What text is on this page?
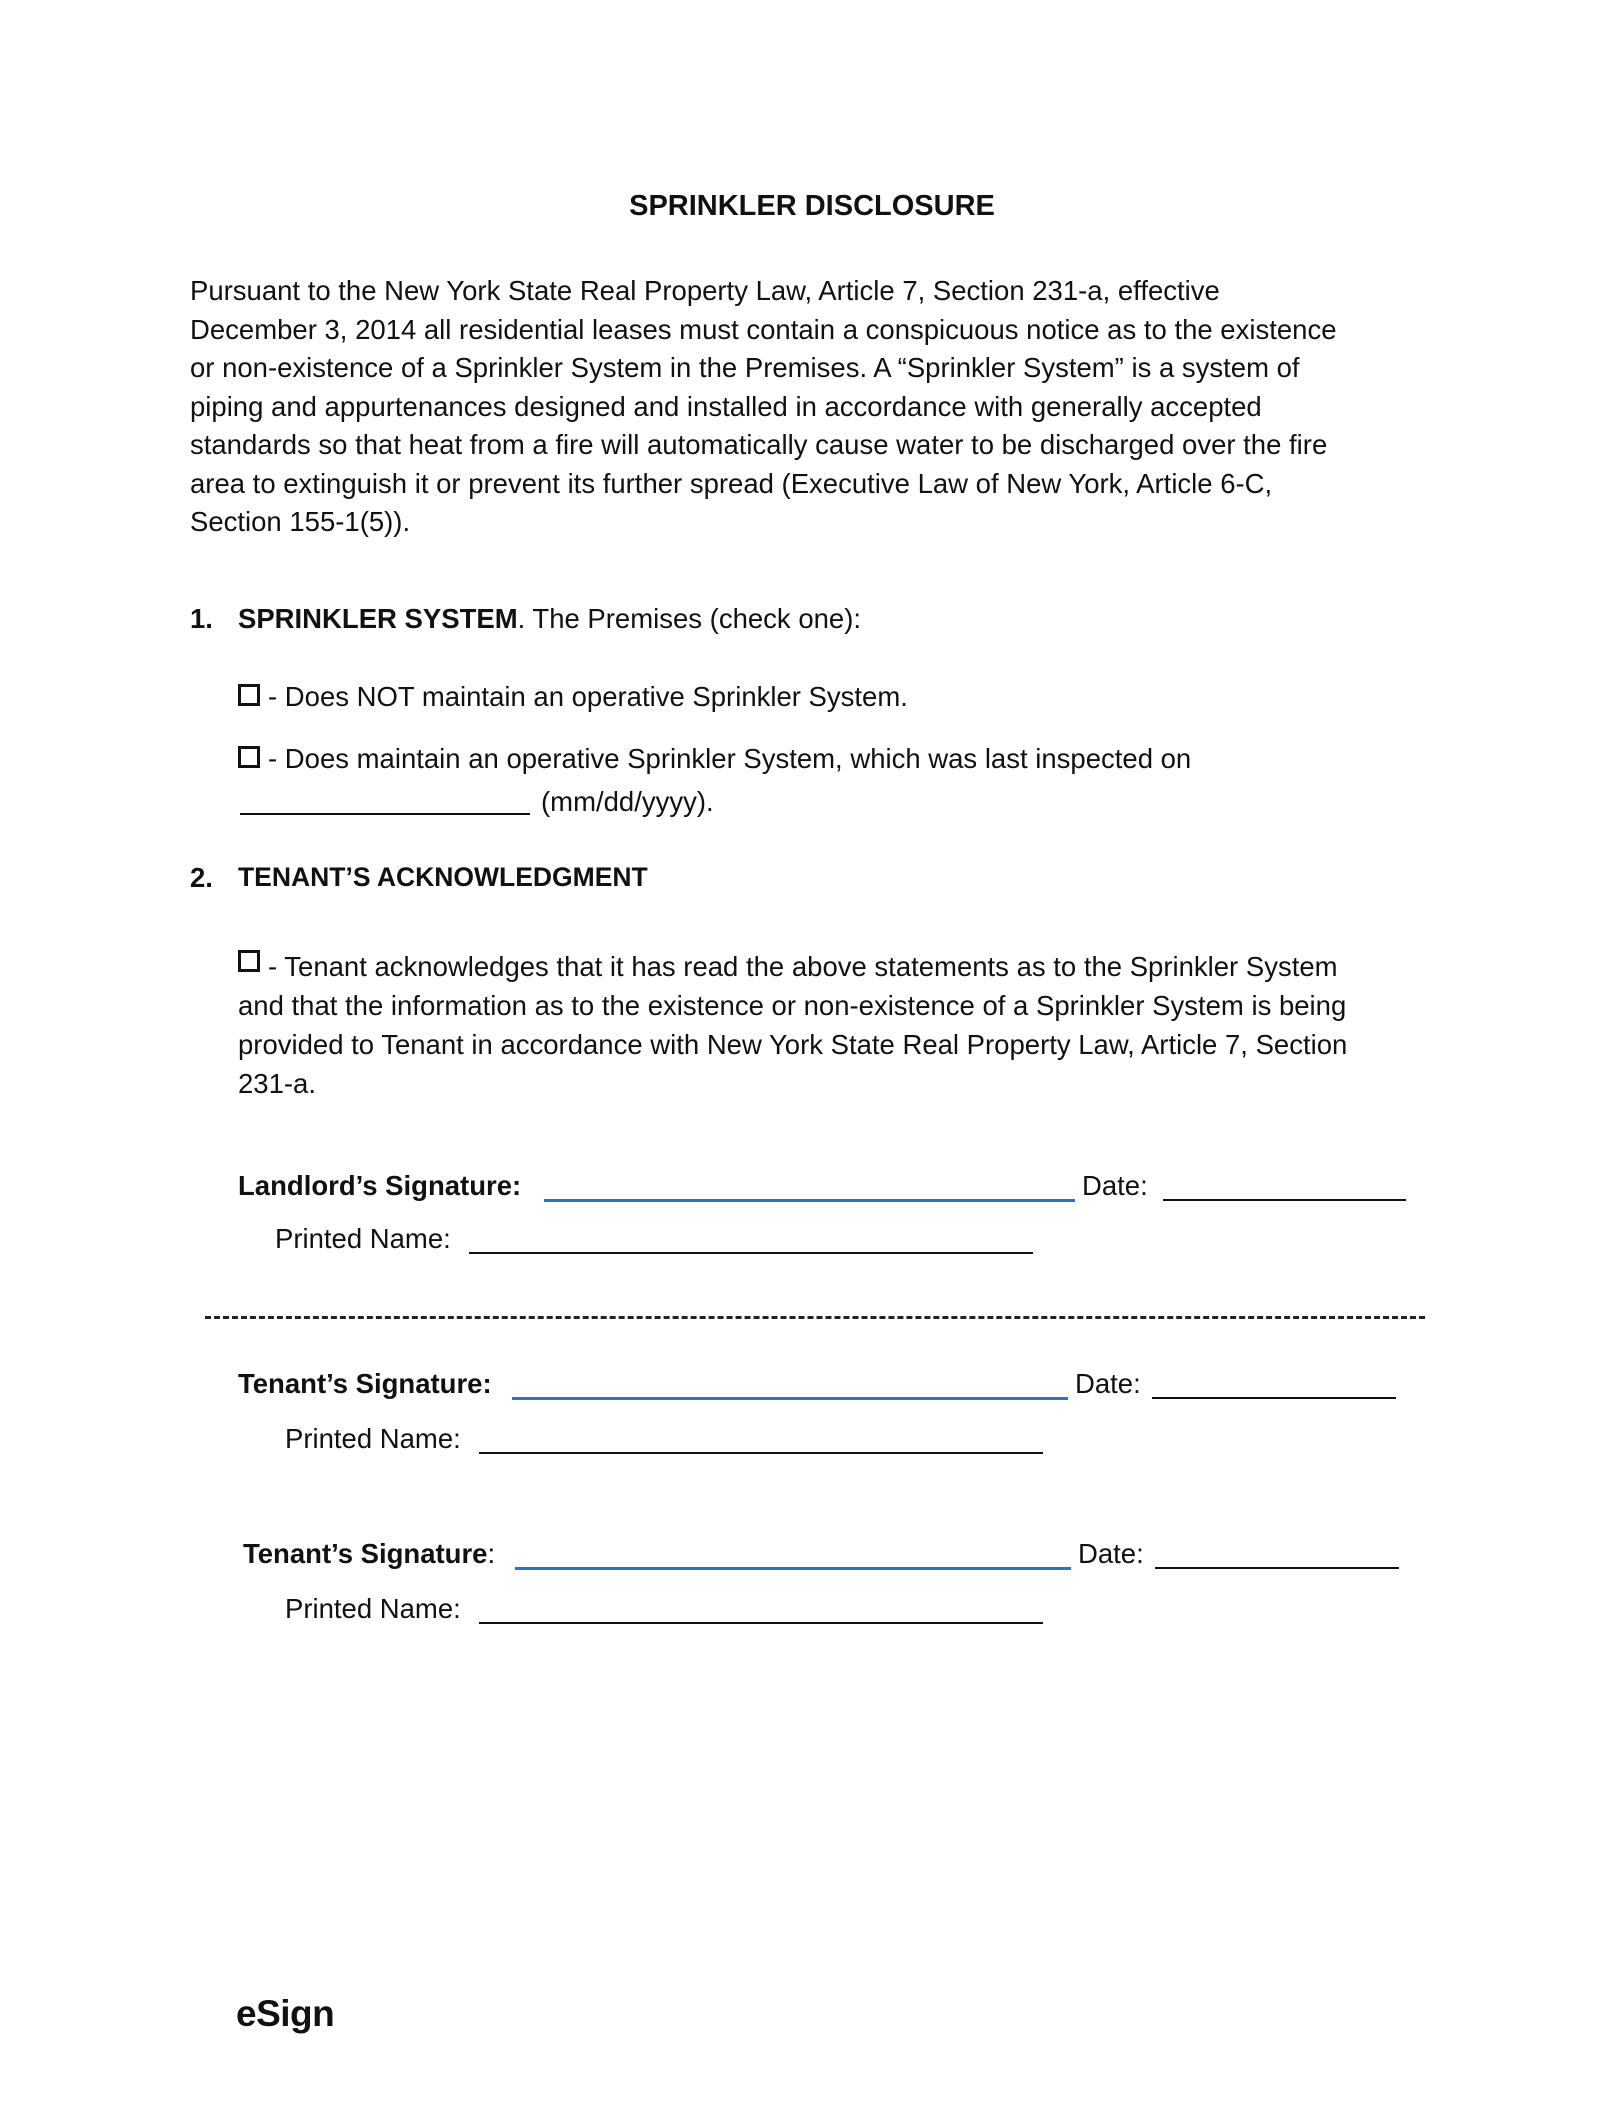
SPRINKLER DISCLOSURE
Pursuant to the New York State Real Property Law, Article 7, Section 231-a, effective
December 3, 2014 all residential leases must contain a conspicuous notice as to the existence
or non-existence of a Sprinkler System in the Premises. A “Sprinkler System” is a system of
piping and appurtenances designed and installed in accordance with generally accepted
standards so that heat from a fire will automatically cause water to be discharged over the fire
area to extinguish it or prevent its further spread (Executive Law of New York, Article 6-C,
Section 155-1(5)).
1. SPRINKLER SYSTEM. The Premises (check one):
- Does NOT maintain an operative Sprinkler System.
- Does maintain an operative Sprinkler System, which was last inspected on
(mm/dd/yyyy).
2. TENANT’S ACKNOWLEDGMENT
- Tenant acknowledges that it has read the above statements as to the Sprinkler System
and that the information as to the existence or non-existence of a Sprinkler System is being
provided to Tenant in accordance with New York State Real Property Law, Article 7, Section
231-a.
Landlord’s Signature:	Date:
Printed Name:
Tenant’s Signature:	Date:
Printed Name:
Tenant’s Signature:	Date:
Printed Name:
eSign
